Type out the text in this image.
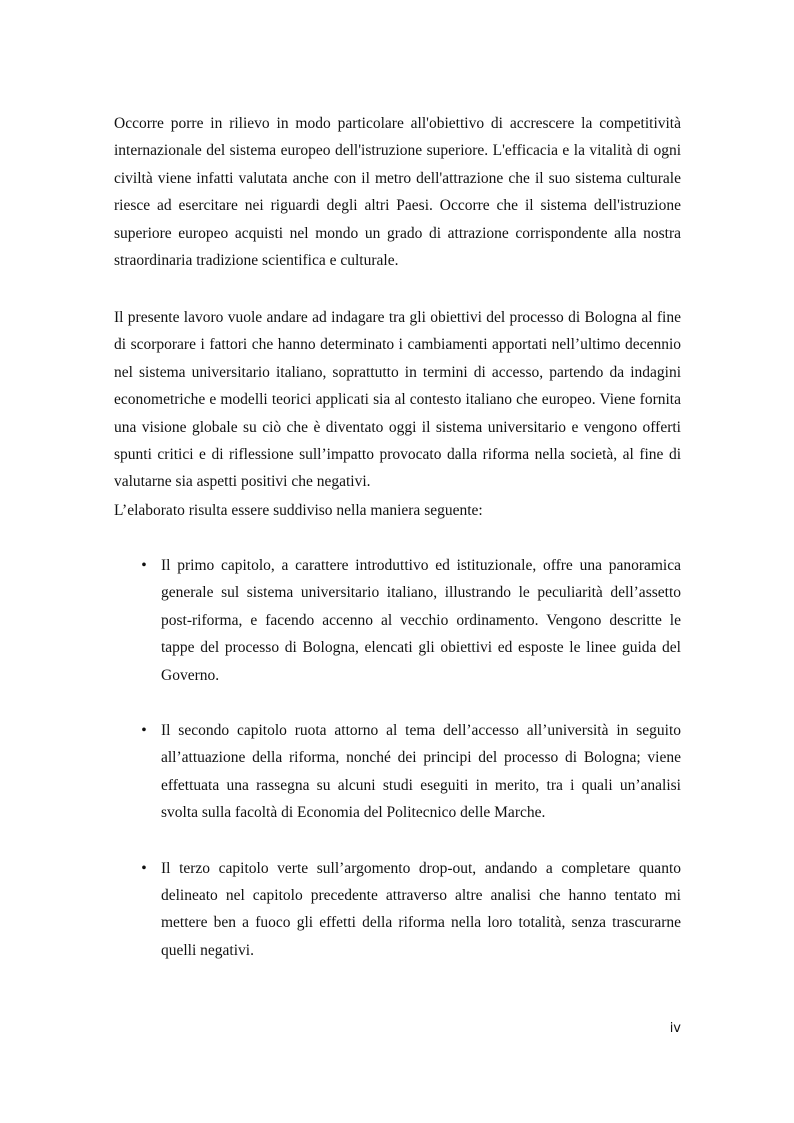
Occorre porre in rilievo in modo particolare all'obiettivo di accrescere la competitività internazionale del sistema europeo dell'istruzione superiore. L'efficacia e la vitalità di ogni civiltà viene infatti valutata anche con il metro dell'attrazione che il suo sistema culturale riesce ad esercitare nei riguardi degli altri Paesi. Occorre che il sistema dell'istruzione superiore europeo acquisti nel mondo un grado di attrazione corrispondente alla nostra straordinaria tradizione scientifica e culturale.

Il presente lavoro vuole andare ad indagare tra gli obiettivi del processo di Bologna al fine di scorporare i fattori che hanno determinato i cambiamenti apportati nell’ultimo decennio nel sistema universitario italiano, soprattutto in termini di accesso, partendo da indagini econometriche e modelli teorici applicati sia al contesto italiano che europeo. Viene fornita una visione globale su ciò che è diventato oggi il sistema universitario e vengono offerti spunti critici e di riflessione sull’impatto provocato dalla riforma nella società, al fine di valutarne sia aspetti positivi che negativi.

L’elaborato risulta essere suddiviso nella maniera seguente:

• Il primo capitolo, a carattere introduttivo ed istituzionale, offre una panoramica generale sul sistema universitario italiano, illustrando le peculiarità dell’assetto post-riforma, e facendo accenno al vecchio ordinamento. Vengono descritte le tappe del processo di Bologna, elencati gli obiettivi ed esposte le linee guida del Governo.
• Il secondo capitolo ruota attorno al tema dell’accesso all’università in seguito all’attuazione della riforma, nonché dei principi del processo di Bologna; viene effettuata una rassegna su alcuni studi eseguiti in merito, tra i quali un’analisi svolta sulla facoltà di Economia del Politecnico delle Marche.
• Il terzo capitolo verte sull’argomento drop-out, andando a completare quanto delineato nel capitolo precedente attraverso altre analisi che hanno tentato mi mettere ben a fuoco gli effetti della riforma nella loro totalità, senza trascurarne quelli negativi.
iv
